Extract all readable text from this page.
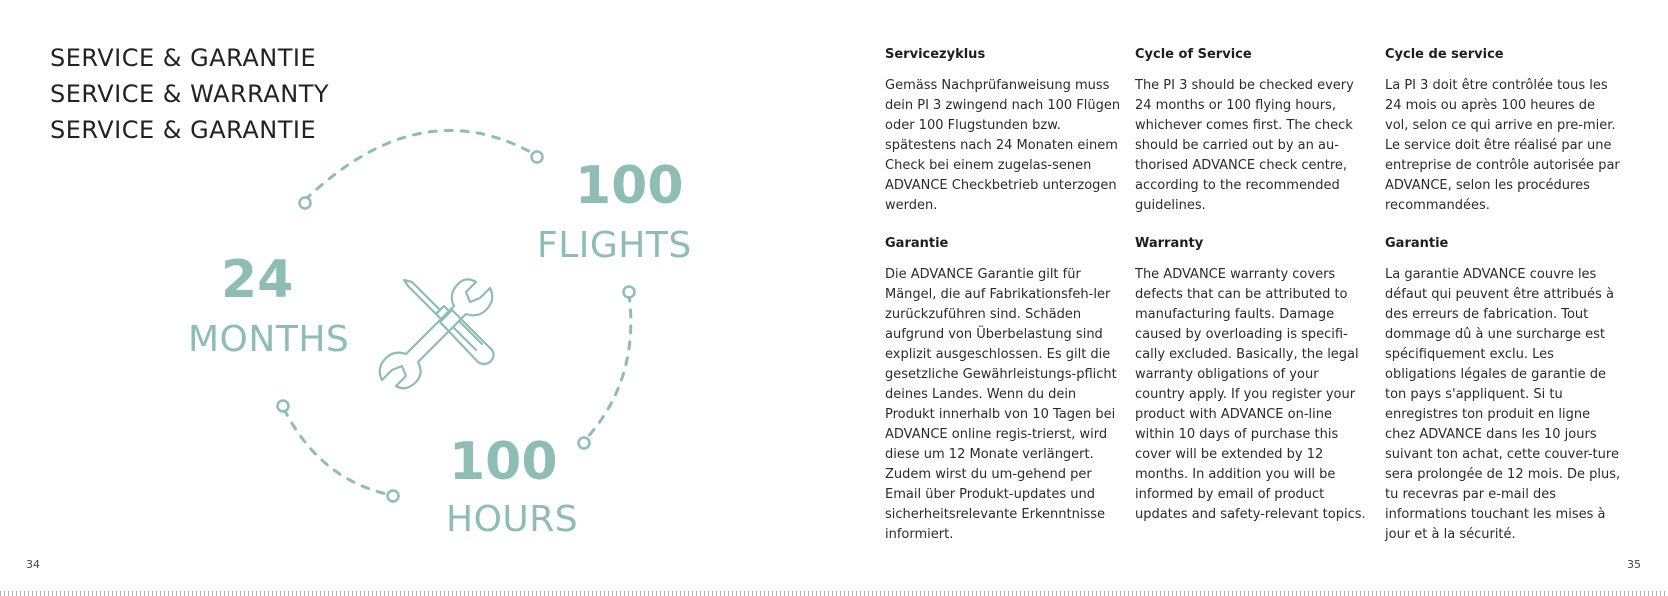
SERVICE & GARANTIE
SERVICE & WARRANTY
SERVICE & GARANTIE
100
FLIGHTS
24
MONTHS
100
HOURS
34
Servicezyklus

Gemäss Nachprüfanweisung muss dein PI 3 zwingend nach 100 Flügen oder 100 Flugstunden bzw. spätestens nach 24 Monaten einem Check bei einem zugelas-senen ADVANCE Checkbetrieb unterzogen werden.

Garantie

Die ADVANCE Garantie gilt für Mängel, die auf Fabrikationsfeh-ler zurückzuführen sind. Schäden aufgrund von Überbelastung sind explizit ausgeschlossen. Es gilt die gesetzliche Gewährleistungs-pflicht deines Landes. Wenn du dein Produkt innerhalb von 10 Tagen bei ADVANCE online regis-trierst, wird diese um 12 Monate verlängert. Zudem wirst du um-gehend per Email über Produkt-updates und sicherheitsrelevante Erkenntnisse informiert.

Cycle of Service

The PI 3 should be checked every 24 months or 100 flying hours, whichever comes first. The check should be carried out by an au-thorised ADVANCE check centre, according to the recommended guidelines.

Warranty

The ADVANCE warranty covers defects that can be attributed to manufacturing faults. Damage caused by overloading is specifi-cally excluded. Basically, the legal warranty obligations of your country apply. If you register your product with ADVANCE on-line within 10 days of purchase this cover will be extended by 12 months. In addition you will be informed by email of product updates and safety-relevant topics.

Cycle de service

La PI 3 doit être contrôlée tous les 24 mois ou après 100 heures de vol, selon ce qui arrive en pre-mier. Le service doit être réalisé par une entreprise de contrôle autorisée par ADVANCE, selon les procédures recommandées.

Garantie

La garantie ADVANCE couvre les défaut qui peuvent être attribués à des erreurs de fabrication. Tout dommage dû à une surcharge est spécifiquement exclu. Les obligations légales de garantie de ton pays s'appliquent. Si tu enregistres ton produit en ligne chez ADVANCE dans les 10 jours suivant ton achat, cette couver-ture sera prolongée de 12 mois. De plus, tu recevras par e-mail des informations touchant les mises à jour et à la sécurité.

35
